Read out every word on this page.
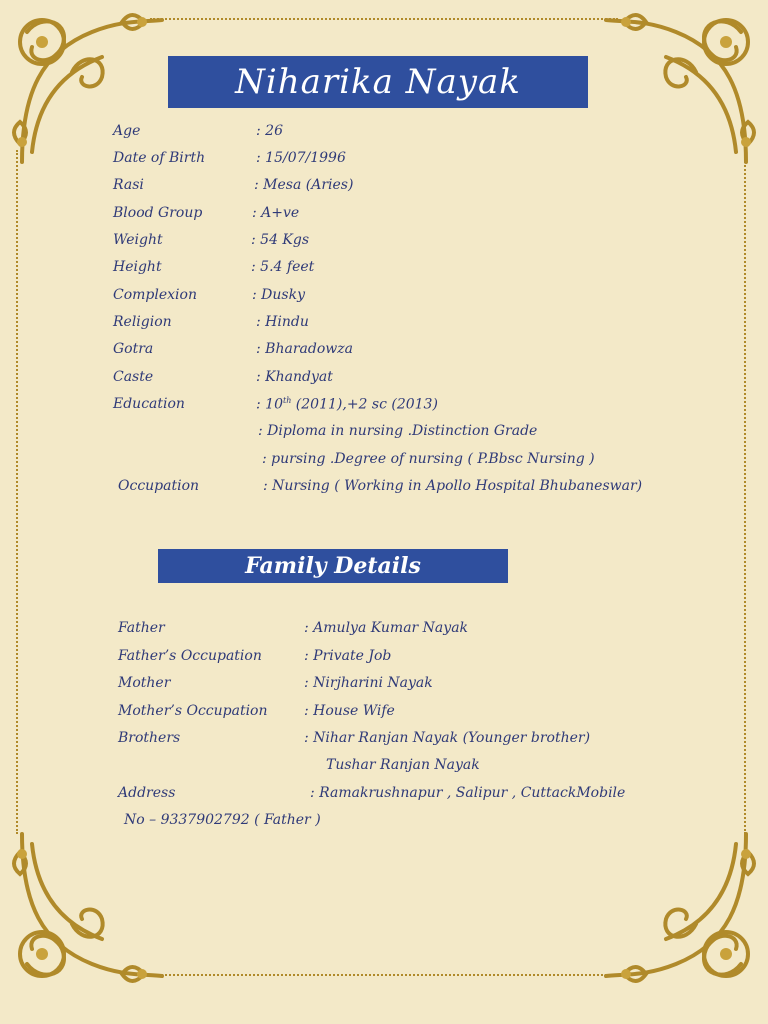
Niharika Nayak
Age	: 26
Date of Birth	: 15/07/1996
Rasi	: Mesa (Aries)
Blood Group	: A+ve
Weight	: 54 Kgs
Height	: 5.4 feet
Complexion	: Dusky
Religion	: Hindu
Gotra	: Bharadowza
Caste	: Khandyat
Education	: 10th (2011),+2 sc (2013)
: Diploma in nursing .Distinction Grade
: pursing .Degree of nursing ( P.Bbsc Nursing )
Occupation	: Nursing ( Working in Apollo Hospital Bhubaneswar)
Family Details
Father	: Amulya Kumar Nayak
Father’s Occupation	: Private Job
Mother	: Nirjharini Nayak
Mother’s Occupation	: House Wife
Brothers	: Nihar Ranjan Nayak (Younger brother)
Tushar Ranjan Nayak
Address	: Ramakrushnapur , Salipur , CuttackMobile
No – 9337902792 ( Father )
